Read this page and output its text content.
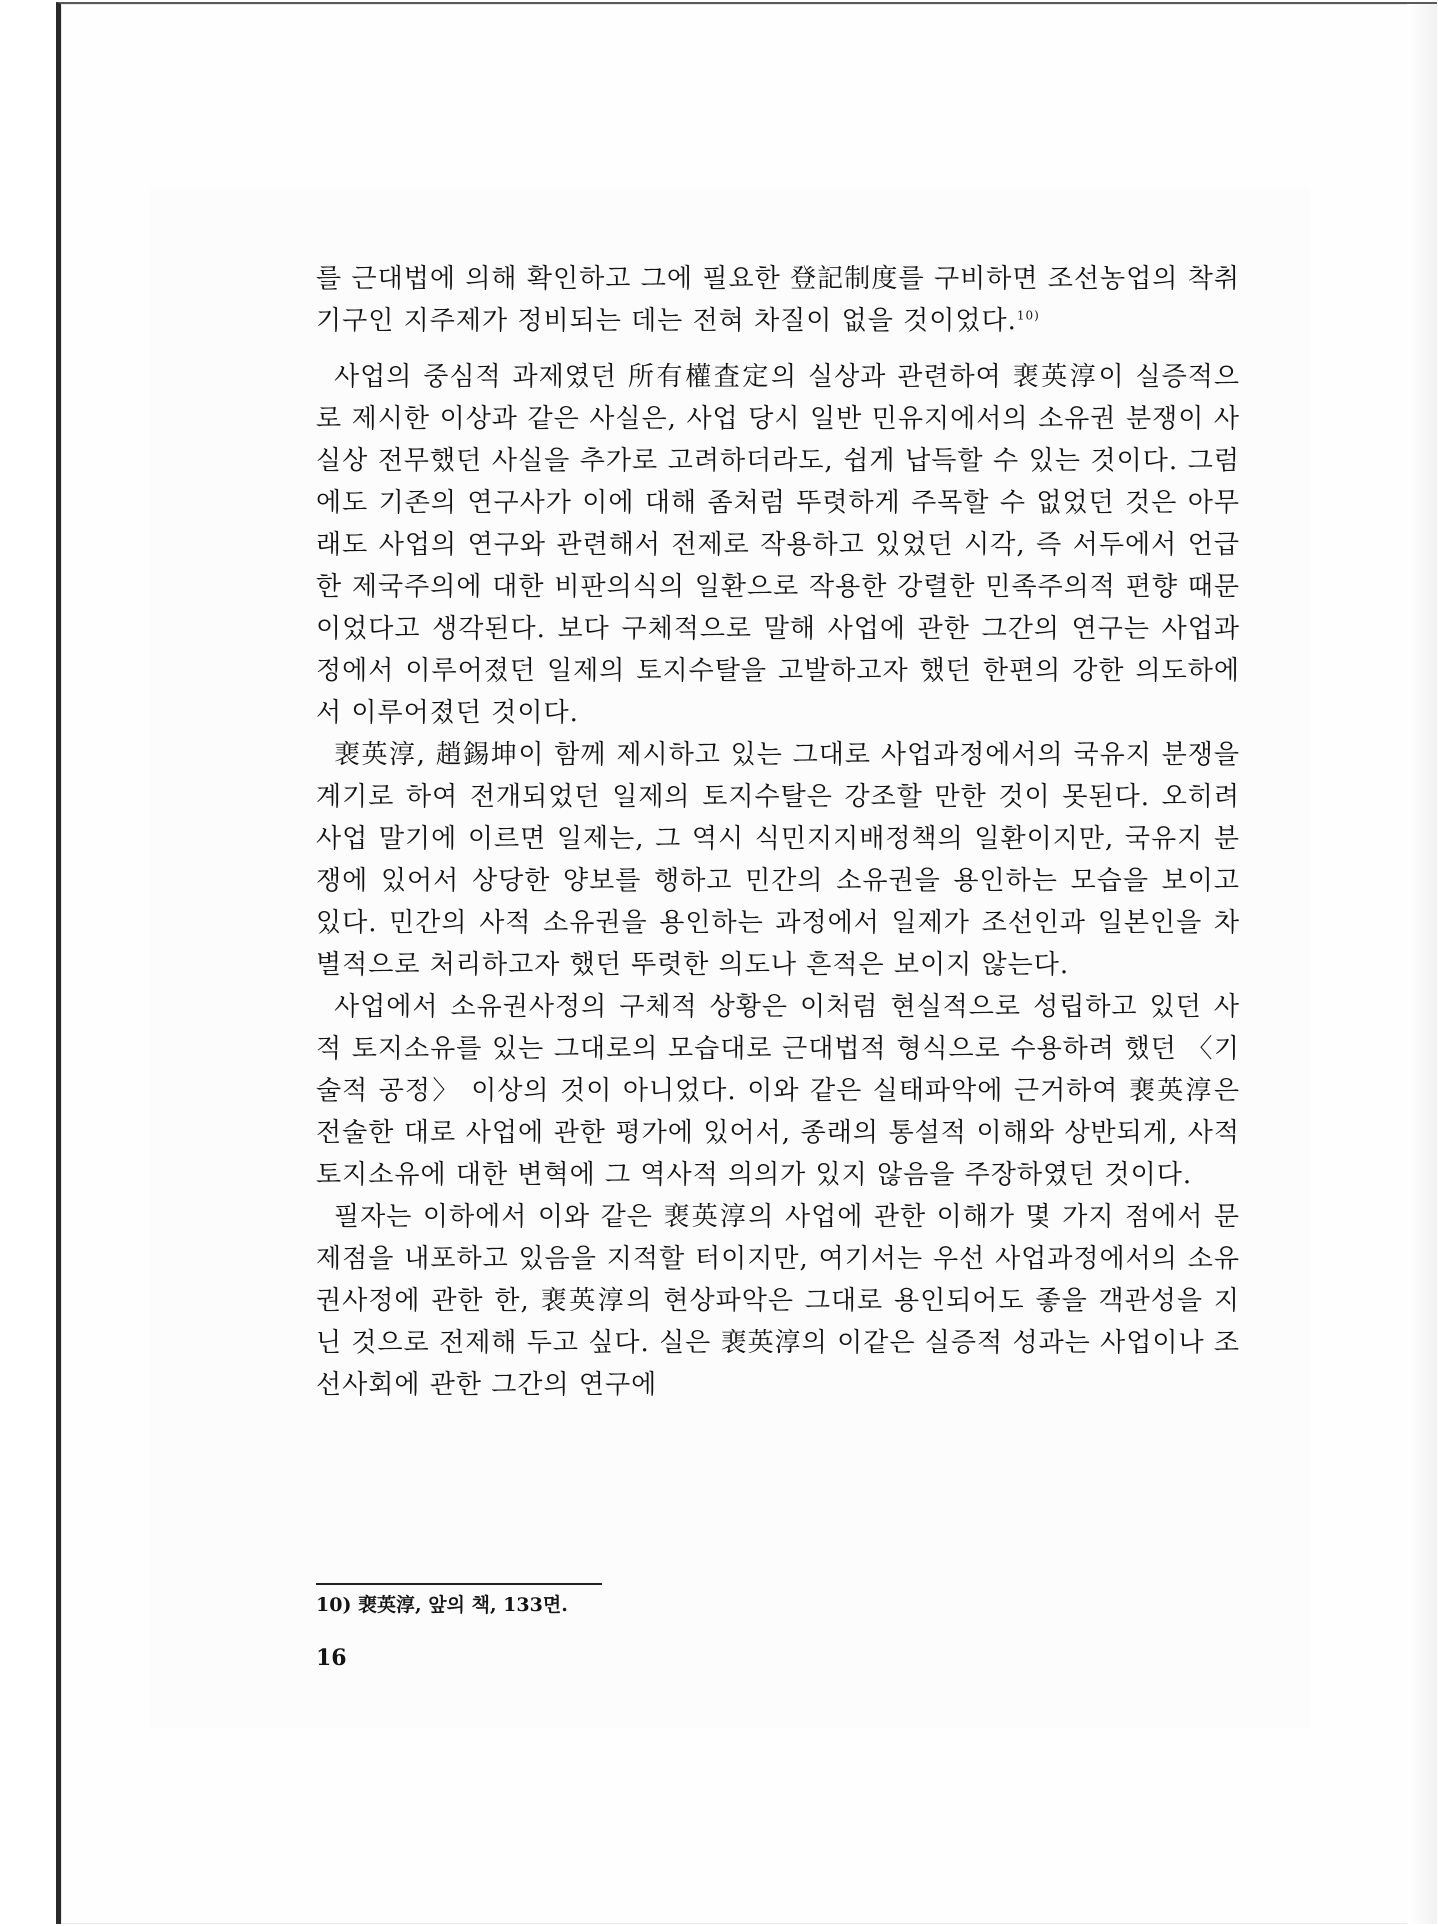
를 근대법에 의해 확인하고 그에 필요한 登記制度를 구비하면 조선농업의 착취기구인 지주제가 정비되는 데는 전혀 차질이 없을 것이었다.$^{10)}$

사업의 중심적 과제였던 所有權査定의 실상과 관련하여 裵英淳이 실증적으로 제시한 이상과 같은 사실은, 사업 당시 일반 민유지에서의 소유권 분쟁이 사실상 전무했던 사실을 추가로 고려하더라도, 쉽게 납득할 수 있는 것이다. 그럼에도 기존의 연구사가 이에 대해 좀처럼 뚜렷하게 주목할 수 없었던 것은 아무래도 사업의 연구와 관련해서 전제로 작용하고 있었던 시각, 즉 서두에서 언급한 제국주의에 대한 비판의식의 일환으로 작용한 강렬한 민족주의적 편향 때문이었다고 생각된다. 보다 구체적으로 말해 사업에 관한 그간의 연구는 사업과정에서 이루어졌던 일제의 토지수탈을 고발하고자 했던 한편의 강한 의도하에서 이루어졌던 것이다.

裵英淳, 趙錫坤이 함께 제시하고 있는 그대로 사업과정에서의 국유지 분쟁을 계기로 하여 전개되었던 일제의 토지수탈은 강조할 만한 것이 못된다. 오히려 사업 말기에 이르면 일제는, 그 역시 식민지지배정책의 일환이지만, 국유지 분쟁에 있어서 상당한 양보를 행하고 민간의 소유권을 용인하는 모습을 보이고 있다. 민간의 사적 소유권을 용인하는 과정에서 일제가 조선인과 일본인을 차별적으로 처리하고자 했던 뚜렷한 의도나 흔적은 보이지 않는다.

사업에서 소유권사정의 구체적 상황은 이처럼 현실적으로 성립하고 있던 사적 토지소유를 있는 그대로의 모습대로 근대법적 형식으로 수용하려 했던 〈기술적 공정〉 이상의 것이 아니었다. 이와 같은 실태파악에 근거하여 裵英淳은 전술한 대로 사업에 관한 평가에 있어서, 종래의 통설적 이해와 상반되게, 사적 토지소유에 대한 변혁에 그 역사적 의의가 있지 않음을 주장하였던 것이다.

필자는 이하에서 이와 같은 裵英淳의 사업에 관한 이해가 몇 가지 점에서 문제점을 내포하고 있음을 지적할 터이지만, 여기서는 우선 사업과정에서의 소유권사정에 관한 한, 裵英淳의 현상파악은 그대로 용인되어도 좋을 객관성을 지닌 것으로 전제해 두고 싶다. 실은 裵英淳의 이같은 실증적 성과는 사업이나 조선사회에 관한 그간의 연구에

10) 裵英淳, 앞의 책, 133면.
16
